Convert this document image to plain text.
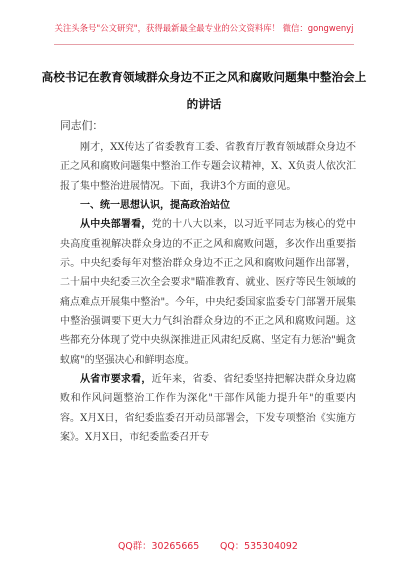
关注头条号"公文研究"，获得最新最全最专业的公文资料库！ 微信：gongwenyj
高校书记在教育领域群众身边不正之风和腐败问题集中整治会上的讲话
同志们：

刚才，XX传达了省委教育工委、省教育厅教育领域群众身边不正之风和腐败问题集中整治工作专题会议精神，X、X负责人依次汇报了集中整治进展情况。下面，我讲3个方面的意见。

一、统一思想认识，提高政治站位

从中央部署看，党的十八大以来，以习近平同志为核心的党中央高度重视解决群众身边的不正之风和腐败问题，多次作出重要指示。中央纪委每年对整治群众身边不正之风和腐败问题作出部署，二十届中央纪委三次全会要求"瞄准教育、就业、医疗等民生领域的痛点难点开展集中整治"。今年，中央纪委国家监委专门部署开展集中整治强调要下更大力气纠治群众身边的不正之风和腐败问题。这些都充分体现了党中央纵深推进正风肃纪反腐、坚定有力惩治"蝇贪蚁腐"的坚强决心和鲜明态度。

从省市要求看，近年来，省委、省纪委坚持把解决群众身边腐败和作风问题整治工作作为深化"干部作风能力提升年"的重要内容。X月X日，省纪委监委召开动员部署会，下发专项整治《实施方案》。X月X日，市纪委监委召开专

QQ群：30265665 QQ：535304092
